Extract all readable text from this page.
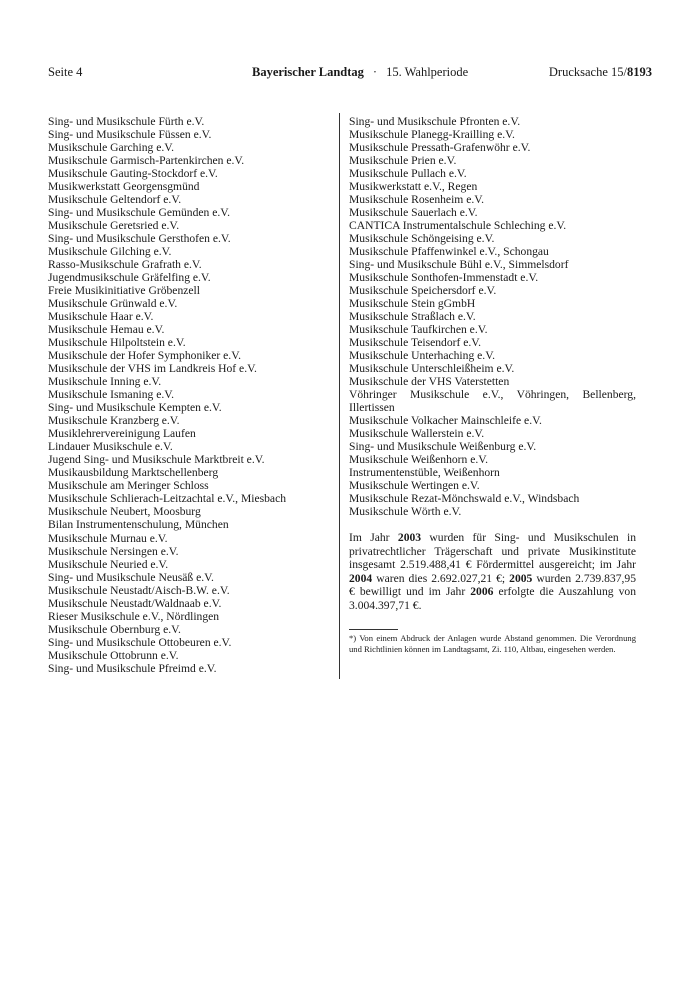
Seite 4	Bayerischer Landtag · 15. Wahlperiode	Drucksache 15/8193
Sing- und Musikschule Fürth e.V.
Sing- und Musikschule Füssen e.V.
Musikschule Garching e.V.
Musikschule Garmisch-Partenkirchen e.V.
Musikschule Gauting-Stockdorf e.V.
Musikwerkstatt Georgensgmünd
Musikschule Geltendorf e.V.
Sing- und Musikschule Gemünden e.V.
Musikschule Geretsried e.V.
Sing- und Musikschule Gersthofen e.V.
Musikschule Gilching e.V.
Rasso-Musikschule Grafrath e.V.
Jugendmusikschule Gräfelfing e.V.
Freie Musikinitiative Gröbenzell
Musikschule Grünwald e.V.
Musikschule Haar e.V.
Musikschule Hemau e.V.
Musikschule Hilpoltstein e.V.
Musikschule der Hofer Symphoniker e.V.
Musikschule der VHS im Landkreis Hof e.V.
Musikschule Inning e.V.
Musikschule Ismaning e.V.
Sing- und Musikschule Kempten e.V.
Musikschule Kranzberg e.V.
Musiklehrervereinigung Laufen
Lindauer Musikschule e.V.
Jugend Sing- und Musikschule Marktbreit e.V.
Musikausbildung Marktschellenberg
Musikschule am Meringer Schloss
Musikschule Schlierach-Leitzachtal e.V., Miesbach
Musikschule Neubert, Moosburg
Bilan Instrumentenschulung, München
Musikschule Murnau e.V.
Musikschule Nersingen e.V.
Musikschule Neuried e.V.
Sing- und Musikschule Neusäß e.V.
Musikschule Neustadt/Aisch-B.W. e.V.
Musikschule Neustadt/Waldnaab e.V.
Rieser Musikschule e.V., Nördlingen
Musikschule Obernburg e.V.
Sing- und Musikschule Ottobeuren e.V.
Musikschule Ottobrunn e.V.
Sing- und Musikschule Pfreimd e.V.
Sing- und Musikschule Pfronten e.V.
Musikschule Planegg-Krailling e.V.
Musikschule Pressath-Grafenwöhr e.V.
Musikschule Prien e.V.
Musikschule Pullach e.V.
Musikwerkstatt e.V., Regen
Musikschule Rosenheim e.V.
Musikschule Sauerlach e.V.
CANTICA Instrumentalschule Schleching e.V.
Musikschule Schöngeising e.V.
Musikschule Pfaffenwinkel e.V., Schongau
Sing- und Musikschule Bühl e.V., Simmelsdorf
Musikschule Sonthofen-Immenstadt e.V.
Musikschule Speichersdorf e.V.
Musikschule Stein gGmbH
Musikschule Straßlach e.V.
Musikschule Taufkirchen e.V.
Musikschule Teisendorf e.V.
Musikschule Unterhaching e.V.
Musikschule Unterschleißheim e.V.
Musikschule der VHS Vaterstetten
Vöhringer Musikschule e.V., Vöhringen, Bellenberg, Illertissen
Musikschule Volkacher Mainschleife e.V.
Musikschule Wallerstein e.V.
Sing- und Musikschule Weißenburg e.V.
Musikschule Weißenhorn e.V.
Instrumentenstüble, Weißenhorn
Musikschule Wertingen e.V.
Musikschule Rezat-Mönchswald e.V., Windsbach
Musikschule Wörth e.V.
Im Jahr 2003 wurden für Sing- und Musikschulen in privatrechtlicher Trägerschaft und private Musikinstitute insgesamt 2.519.488,41 € Fördermittel ausgereicht; im Jahr 2004 waren dies 2.692.027,21 €; 2005 wurden 2.739.837,95 € bewilligt und im Jahr 2006 erfolgte die Auszahlung von 3.004.397,71 €.
*) Von einem Abdruck der Anlagen wurde Abstand genommen. Die Verordnung und Richtlinien können im Landtagsamt, Zi. 110, Altbau, eingesehen werden.
